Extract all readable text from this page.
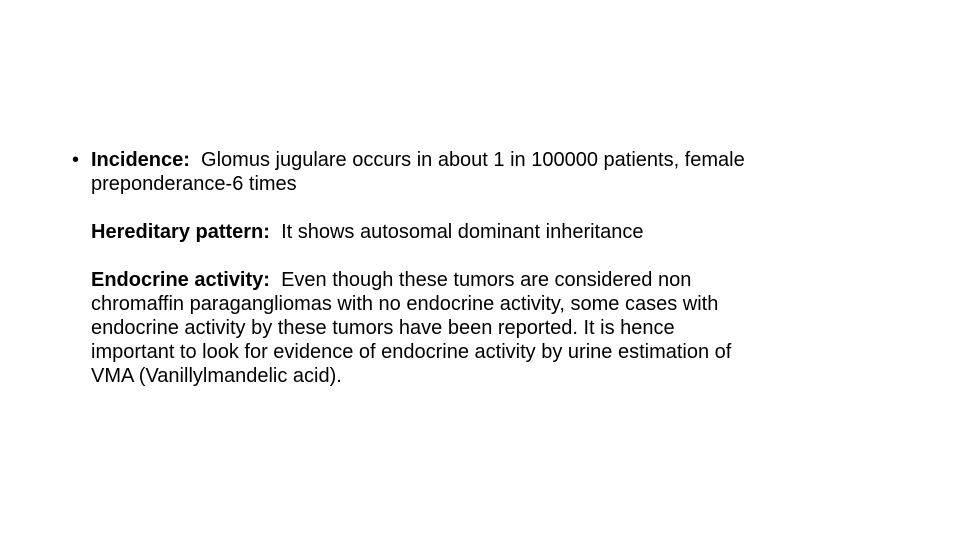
• Incidence: Glomus jugulare occurs in about 1 in 100000 patients, female
preponderance-6 times
Hereditary pattern: It shows autosomal dominant inheritance
Endocrine activity: Even though these tumors are considered non
chromaffin paragangliomas with no endocrine activity, some cases with
endocrine activity by these tumors have been reported. It is hence
important to look for evidence of endocrine activity by urine estimation of
VMA (Vanillylmandelic acid).
